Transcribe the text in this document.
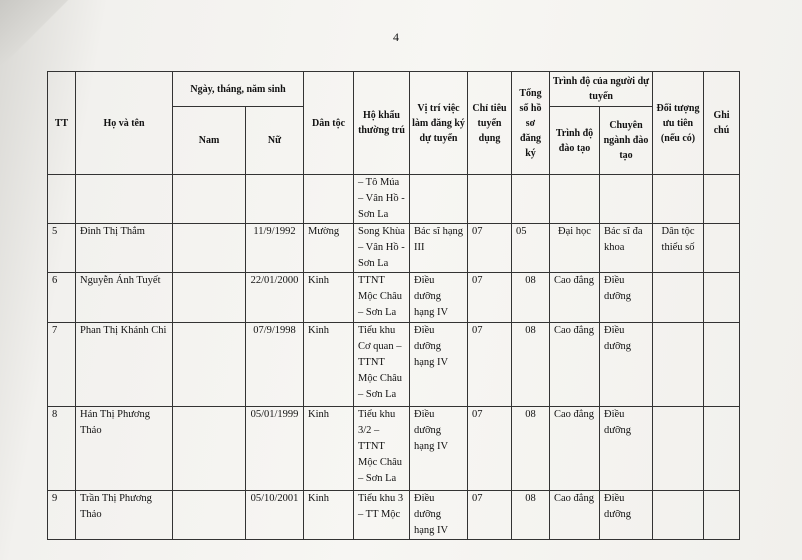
4
TT	Họ và tên	Ngày, tháng, năm sinh		Dân tộc	Hộ khẩu thường trú	Vị trí việc làm đăng ký dự tuyển	Chỉ tiêu tuyển dụng	Tổng số hồ sơ đăng ký	Trình độ của người dự tuyển		Đối tượng ưu tiên (nếu có)	Ghi chú
		Nam	Nữ						Trình độ đào tạo	Chuyên ngành đào tạo		
					– Tô Múa – Vân Hồ - Sơn La							
5	Đinh Thị Thắm		11/9/1992	Mường	Song Khùa – Vân Hồ - Sơn La	Bác sĩ hạng III	07	05	Đại học	Bác sĩ đa khoa	Dân tộc thiểu số	
6	Nguyễn Ánh Tuyết		22/01/2000	Kinh	TTNT Mộc Châu – Sơn La	Điều dưỡng hạng IV	07	08	Cao đẳng	Điều dưỡng		
7	Phan Thị Khánh Chi		07/9/1998	Kinh	Tiểu khu Cơ quan – TTNT Mộc Châu – Sơn La	Điều dưỡng hạng IV	07	08	Cao đẳng	Điều dưỡng		
8	Hán Thị Phương Thảo		05/01/1999	Kinh	Tiểu khu 3/2 – TTNT Mộc Châu – Sơn La	Điều dưỡng hạng IV	07	08	Cao đẳng	Điều dưỡng		
9	Trần Thị Phương Thảo		05/10/2001	Kinh	Tiểu khu 3 – TT Mộc	Điều dưỡng hạng IV	07	08	Cao đẳng	Điều dưỡng		
